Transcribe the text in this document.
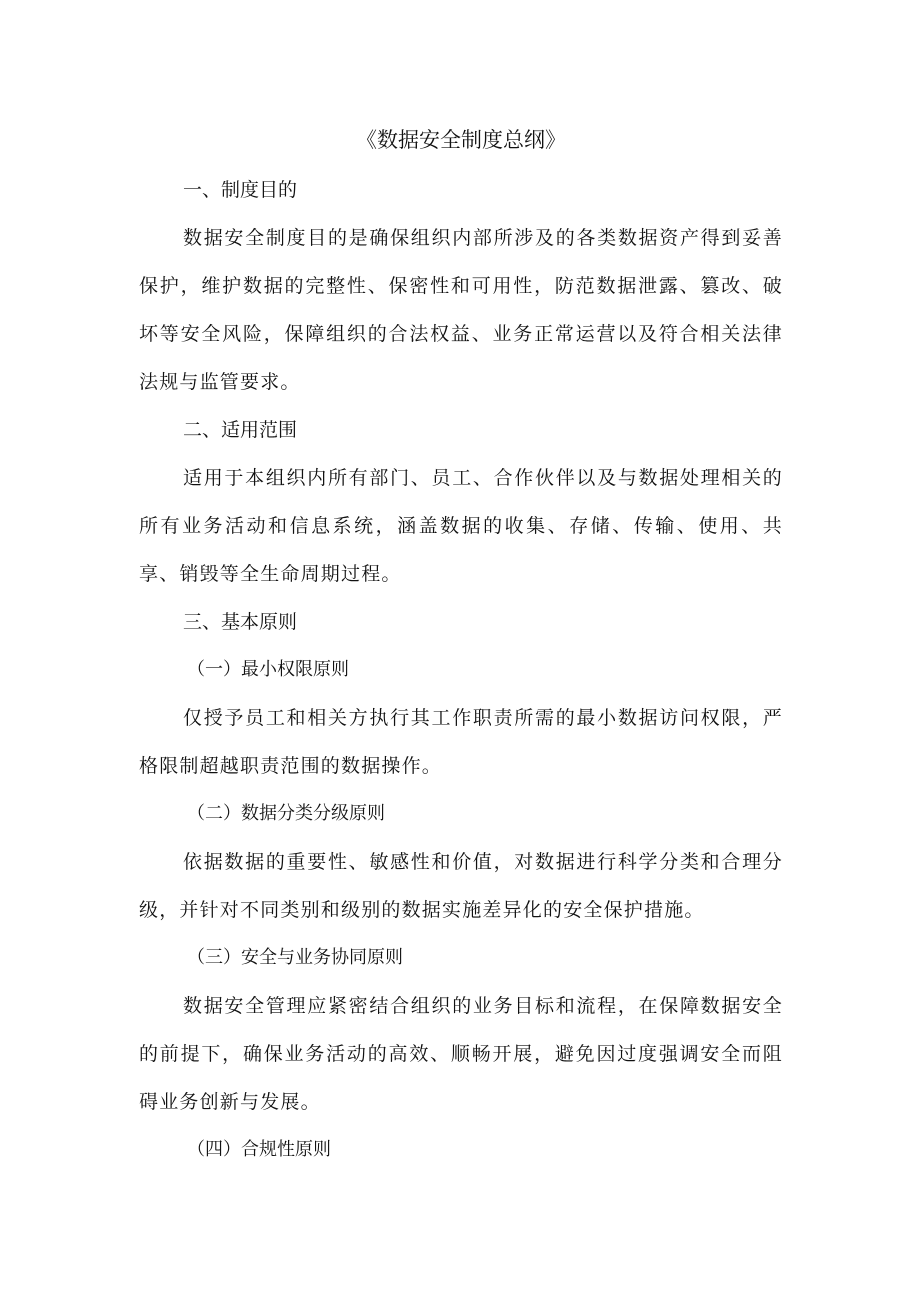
《数据安全制度总纲》
一、制度目的

数据安全制度目的是确保组织内部所涉及的各类数据资产得到妥善保护，维护数据的完整性、保密性和可用性，防范数据泄露、篡改、破坏等安全风险，保障组织的合法权益、业务正常运营以及符合相关法律法规与监管要求。

二、适用范围

适用于本组织内所有部门、员工、合作伙伴以及与数据处理相关的所有业务活动和信息系统，涵盖数据的收集、存储、传输、使用、共享、销毁等全生命周期过程。

三、基本原则
（一）最小权限原则

仅授予员工和相关方执行其工作职责所需的最小数据访问权限，严格限制超越职责范围的数据操作。

（二）数据分类分级原则

依据数据的重要性、敏感性和价值，对数据进行科学分类和合理分级，并针对不同类别和级别的数据实施差异化的安全保护措施。

（三）安全与业务协同原则

数据安全管理应紧密结合组织的业务目标和流程，在保障数据安全的前提下，确保业务活动的高效、顺畅开展，避免因过度强调安全而阻碍业务创新与发展。

（四）合规性原则
